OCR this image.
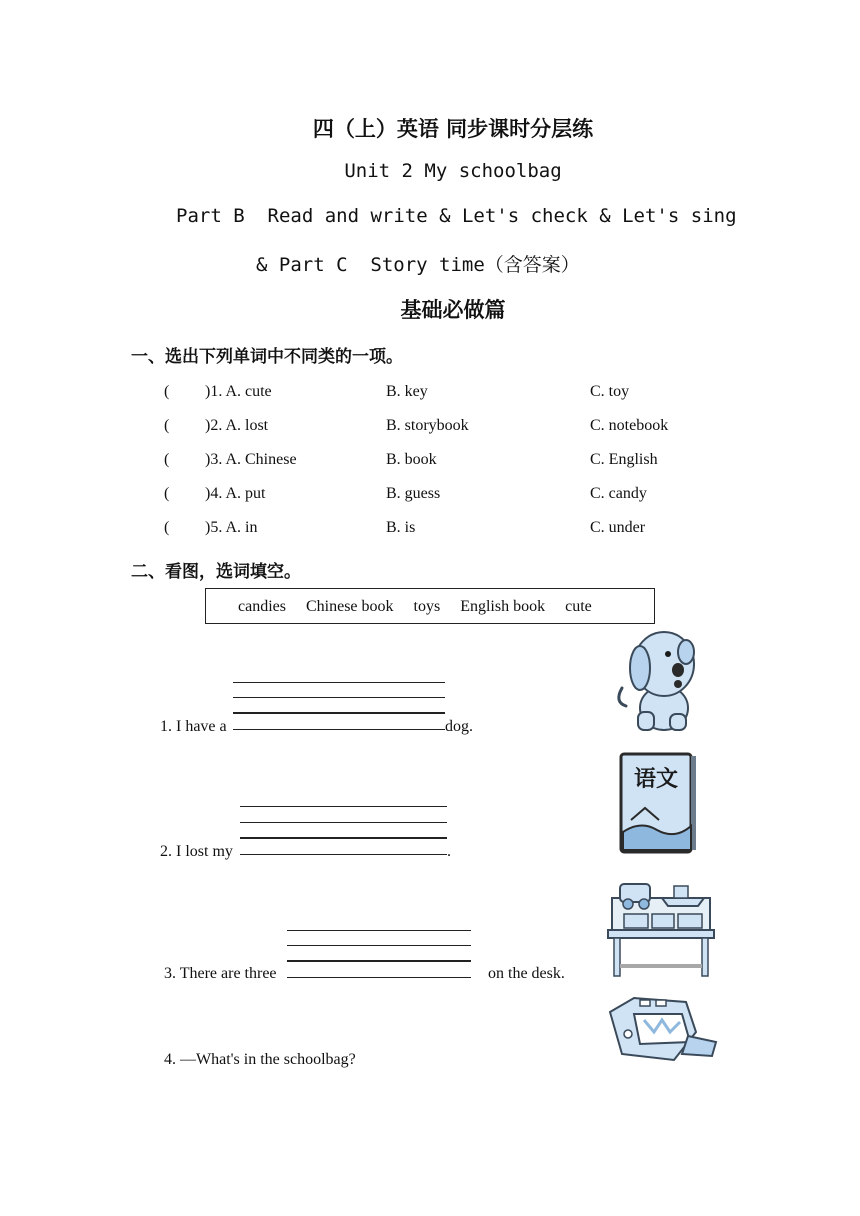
四（上）英语 同步课时分层练
Unit 2 My schoolbag
Part B  Read and write & Let's check & Let's sing
& Part C  Story time（含答案）
基础必做篇
一、选出下列单词中不同类的一项。
( )1. A. cute	B. key	C. toy
( )2. A. lost	B. storybook	C. notebook
( )3. A. Chinese	B. book	C. English
( )4. A. put	B. guess	C. candy
( )5. A. in	B. is	C. under
二、看图，选词填空。
candies Chinese book toys English book cute
1. I have a	dog.
2. I lost my	.
3. There are three	on the desk.
4. —What's in the schoolbag?
语文
